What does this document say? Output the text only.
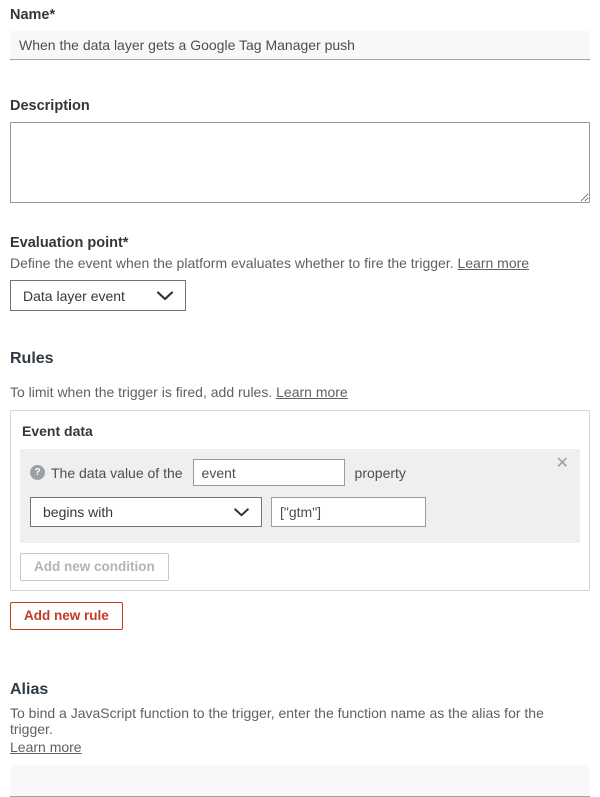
Name*
When the data layer gets a Google Tag Manager push
Description
Evaluation point*
Define the event when the platform evaluates whether to fire the trigger. Learn more
Data layer event
Rules
To limit when the trigger is fired, add rules. Learn more
Event data
✕
? The data value of the
event	property
begins with
["gtm"]
Add new condition
Add new rule
Alias
To bind a JavaScript function to the trigger, enter the function name as the alias for the trigger.
Learn more
